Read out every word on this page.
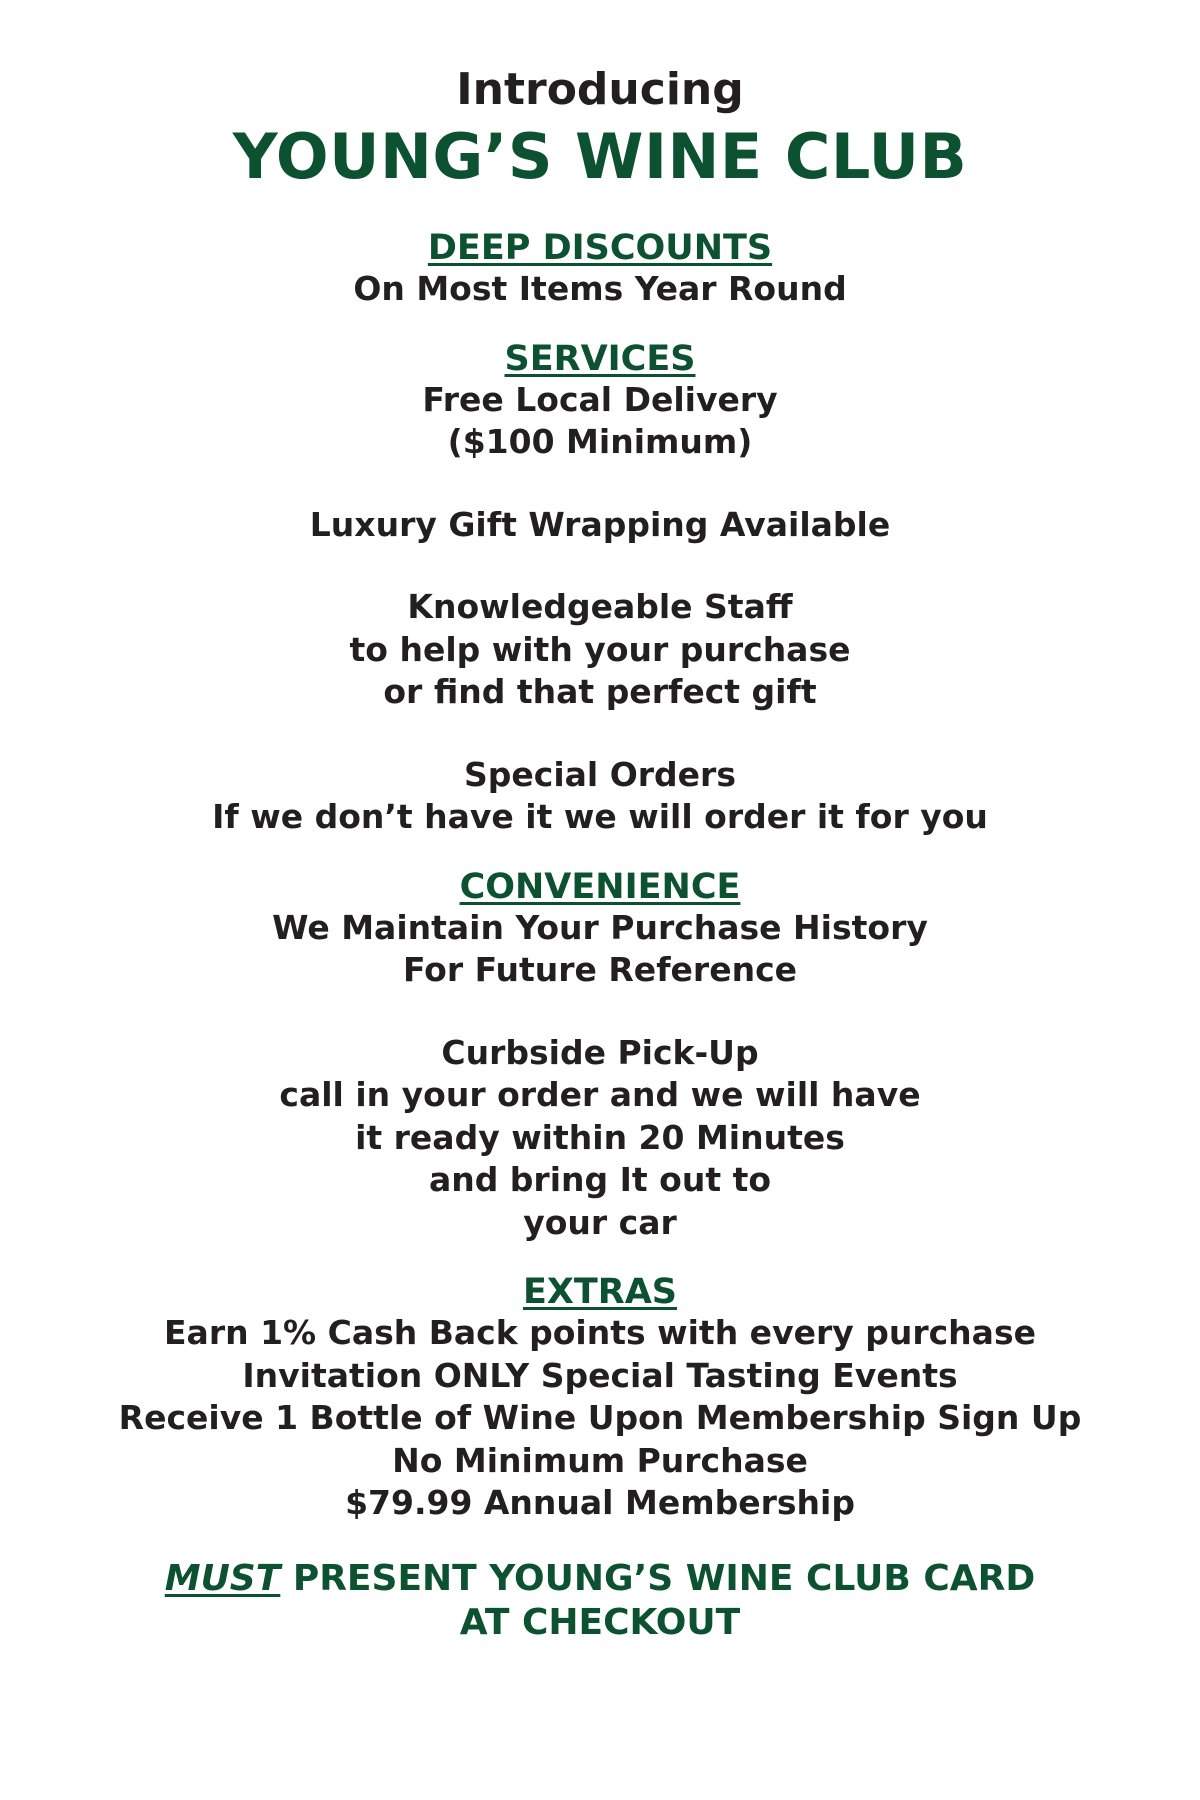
Introducing

YOUNG’S WINE CLUB
DEEP DISCOUNTS

On Most Items Year Round

SERVICES

Free Local Delivery

($100 Minimum)

Luxury Gift Wrapping Available

Knowledgeable Staff

to help with your purchase

or find that perfect gift

Special Orders

If we don’t have it we will order it for you

CONVENIENCE

We Maintain Your Purchase History

For Future Reference

Curbside Pick-Up

call in your order and we will have

it ready within 20 Minutes

and bring It out to

your car

EXTRAS

Earn 1% Cash Back points with every purchase

Invitation ONLY Special Tasting Events

Receive 1 Bottle of Wine Upon Membership Sign Up

No Minimum Purchase

$79.99 Annual Membership

MUST PRESENT YOUNG’S WINE CLUB CARD

AT CHECKOUT
